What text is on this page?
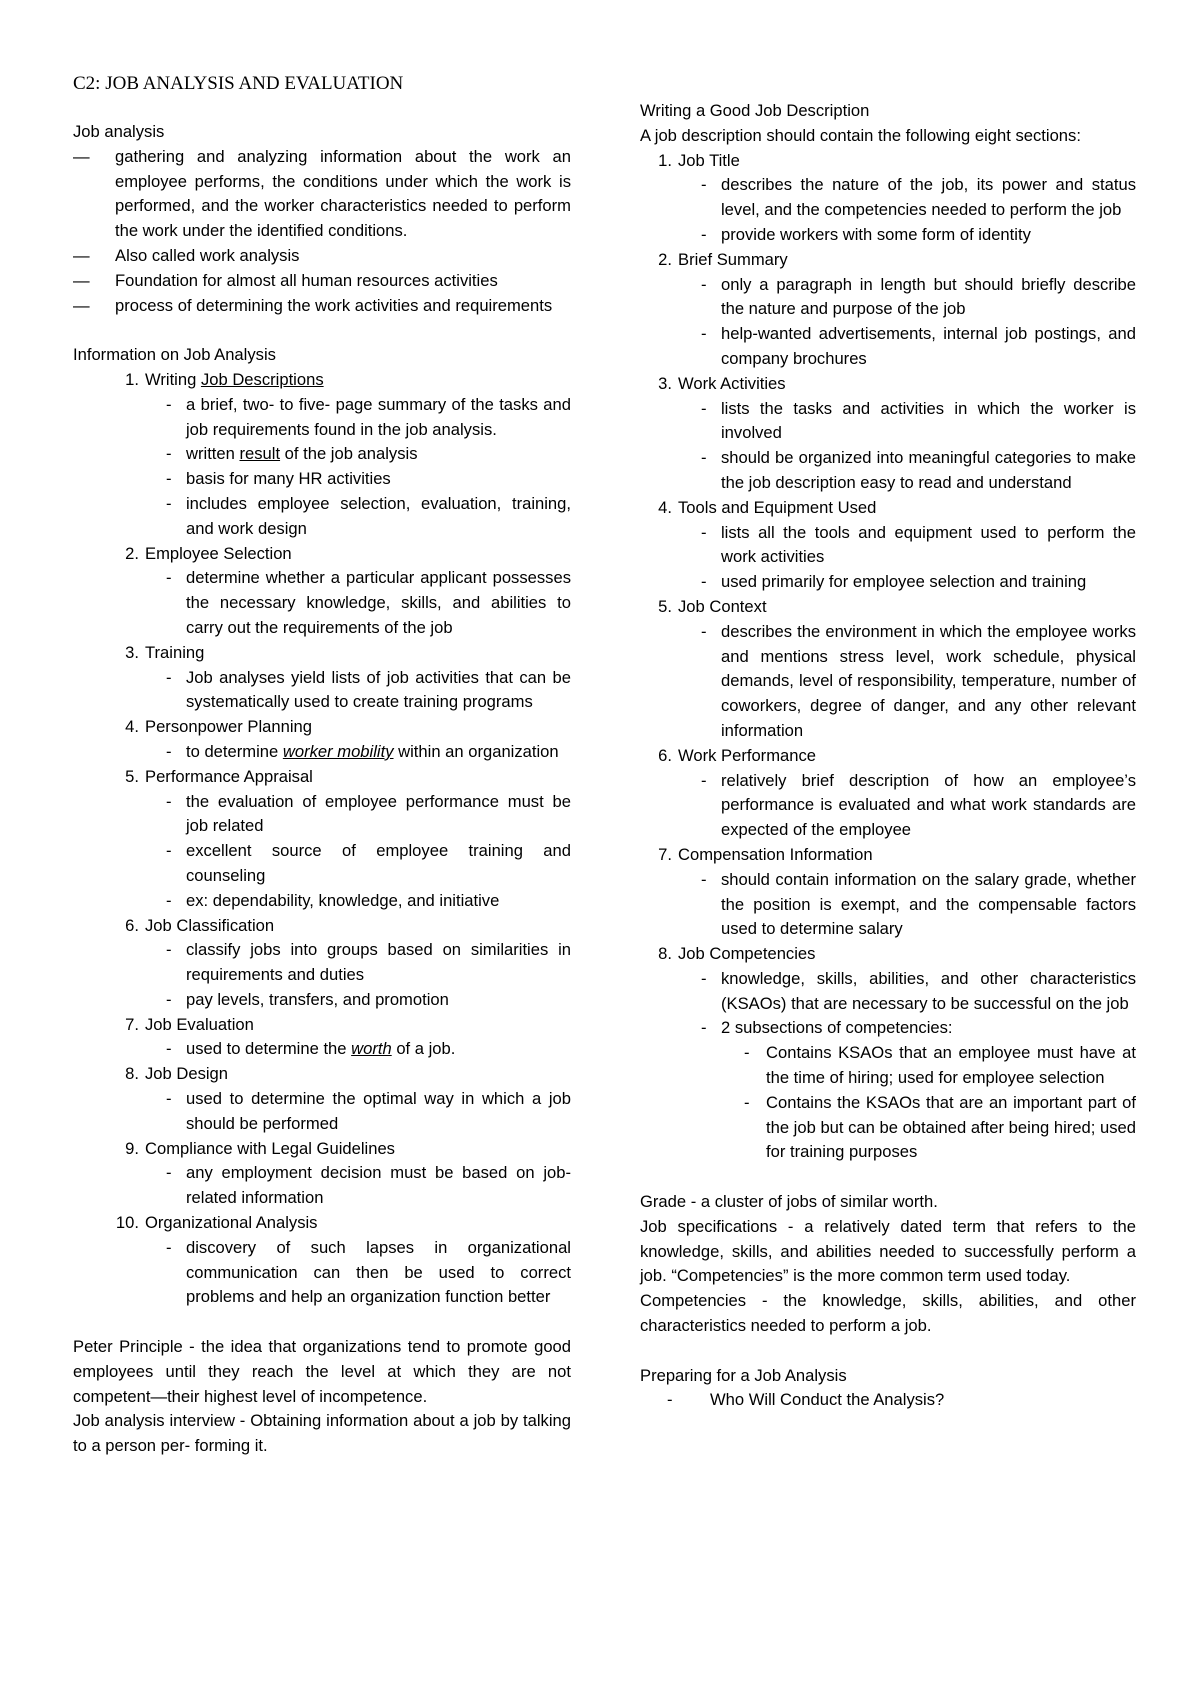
C2: JOB ANALYSIS AND EVALUATION
Job analysis
—	gathering and analyzing information about the work an employee performs, the conditions under which the work is performed, and the worker characteristics needed to perform the work under the identified conditions.
—	Also called work analysis
—	Foundation for almost all human resources activities
—	process of determining the work activities and requirements
Information on Job Analysis
1. Writing Job Descriptions
- a brief, two- to five- page summary of the tasks and job requirements found in the job analysis.
- written result of the job analysis
- basis for many HR activities
- includes employee selection, evaluation, training, and work design
2. Employee Selection
- determine whether a particular applicant possesses the necessary knowledge, skills, and abilities to carry out the requirements of the job
3. Training
- Job analyses yield lists of job activities that can be systematically used to create training programs
4. Personpower Planning
- to determine worker mobility within an organization
5. Performance Appraisal
- the evaluation of employee performance must be job related
- excellent source of employee training and counseling
- ex: dependability, knowledge, and initiative
6. Job Classification
- classify jobs into groups based on similarities in requirements and duties
- pay levels, transfers, and promotion
7. Job Evaluation
- used to determine the worth of a job.
8. Job Design
- used to determine the optimal way in which a job should be performed
9. Compliance with Legal Guidelines
- any employment decision must be based on job-related information
10. Organizational Analysis
- discovery of such lapses in organizational communication can then be used to correct problems and help an organization function better
Peter Principle - the idea that organizations tend to promote good employees until they reach the level at which they are not competent—their highest level of incompetence.
Job analysis interview - Obtaining information about a job by talking to a person per- forming it.
Writing a Good Job Description
A job description should contain the following eight sections:
1. Job Title
- describes the nature of the job, its power and status level, and the competencies needed to perform the job
- provide workers with some form of identity
2. Brief Summary
- only a paragraph in length but should briefly describe the nature and purpose of the job
- help-wanted advertisements, internal job postings, and company brochures
3. Work Activities
- lists the tasks and activities in which the worker is involved
- should be organized into meaningful categories to make the job description easy to read and understand
4. Tools and Equipment Used
- lists all the tools and equipment used to perform the work activities
- used primarily for employee selection and training
5. Job Context
- describes the environment in which the employee works and mentions stress level, work schedule, physical demands, level of responsibility, temperature, number of coworkers, degree of danger, and any other relevant information
6. Work Performance
- relatively brief description of how an employee’s performance is evaluated and what work standards are expected of the employee
7. Compensation Information
- should contain information on the salary grade, whether the position is exempt, and the compensable factors used to determine salary
8. Job Competencies
- knowledge, skills, abilities, and other characteristics (KSAOs) that are necessary to be successful on the job
- 2 subsections of competencies:
- Contains KSAOs that an employee must have at the time of hiring; used for employee selection
- Contains the KSAOs that are an important part of the job but can be obtained after being hired; used for training purposes
Grade - a cluster of jobs of similar worth.
Job specifications - a relatively dated term that refers to the knowledge, skills, and abilities needed to successfully perform a job. “Competencies” is the more common term used today.
Competencies - the knowledge, skills, abilities, and other characteristics needed to perform a job.
Preparing for a Job Analysis
-	Who Will Conduct the Analysis?
